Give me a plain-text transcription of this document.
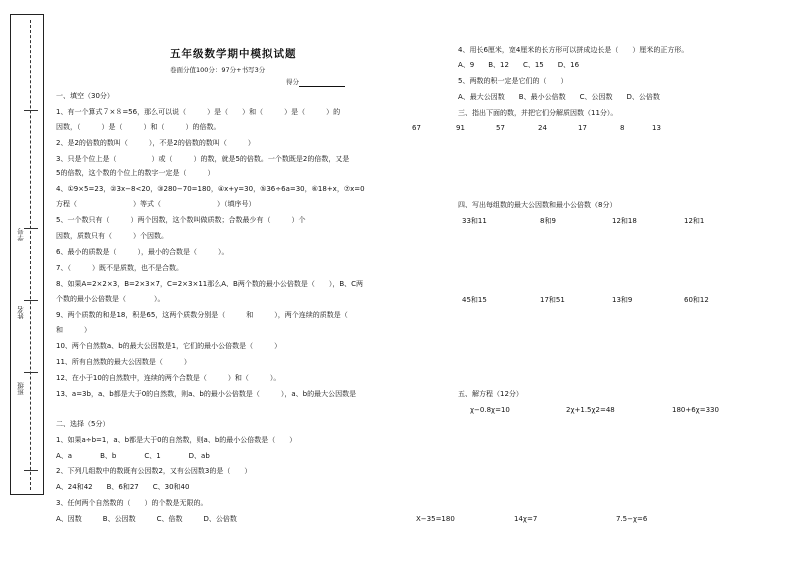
学号
姓名
班级
五年级数学期中模拟试题
卷面分值100分：97分+书写3分
得分
一、填空（30分）
1、有一个算式７×８=56，那么可以说（　　　）是（　　）和（　　　）是（　　　）的
因数，（　　　）是（　　　）和（　　　）的倍数。
2、是2的倍数的数叫（　　　），不是2的倍数的数叫（　　　）
3、只是个位上是（　　　　　）或（　　　）的数，就是5的倍数。一个数既是2的倍数，又是
5的倍数，这个数的个位上的数字一定是（　　　）
4、①9×5=23，②3x−8<20，③280−70=180，④x+y=30，⑤36÷6a=30，⑥18+x，⑦x=0
方程（　　　　　　　　）等式（　　　　　　　　）（填序号）
5、一个数只有（　　　）两个因数，这个数叫做质数；合数最少有（　　　）个
因数，质数只有（　　　）个因数。
6、最小的质数是（　　　），最小的合数是（　　　）。
7、（　　　）既不是质数，也不是合数。
8、如果A=2×2×3，B=2×3×7，C=2×3×11那么A、B两个数的最小公倍数是（　　），B、C两
个数的最小公倍数是（　　　　）。
9、两个质数的和是18，积是65，这两个质数分别是（　　　和　　　），两个连续的质数是（　　
和　　　）
10、两个自然数a、b的最大公因数是1，它们的最小公倍数是（　　　）
11、所有自然数的最大公因数是（　　　）
12、在小于10的自然数中，连续的两个合数是（　　　）和（　　　）。
13、a=3b，a、b都是大于0的自然数，则a、b的最小公倍数是（　　　），a、b的最大公因数是
二、选择（5分）
1、如果a÷b=1，a、b都是大于0的自然数，则a、b的最小公倍数是（　　）
A、a　　　　B、b　　　　C、1　　　　D、ab
2、下列几组数中的数既有公因数2，又有公因数3的是（　　）
A、24和42　　B、6和27　　C、30和40
3、任何两个自然数的（　　）的个数是无限的。
A、因数　　　B、公因数　　　C、倍数　　　D、公倍数
4、用长6厘米，宽4厘米的长方形可以拼成边长是（　　）厘米的正方形。
A、9　　B、12　　C、15　　D、16
5、两数的积一定是它们的（　　）
A、最大公因数　　B、最小公倍数　　C、公因数　　D、公倍数
三、指出下面的数，并把它们分解质因数（11分）。
67	91	57	24	17	8	13
四、写出每组数的最大公因数和最小公倍数（8分）
33和11	8和9	12和18	12和1
45和15	17和51	13和9	60和12
五、解方程（12分）
χ−0.8χ=10	2χ+1.5χ2=48	180+6χ=330
X−35=180	14χ=7	7.5−χ=6
